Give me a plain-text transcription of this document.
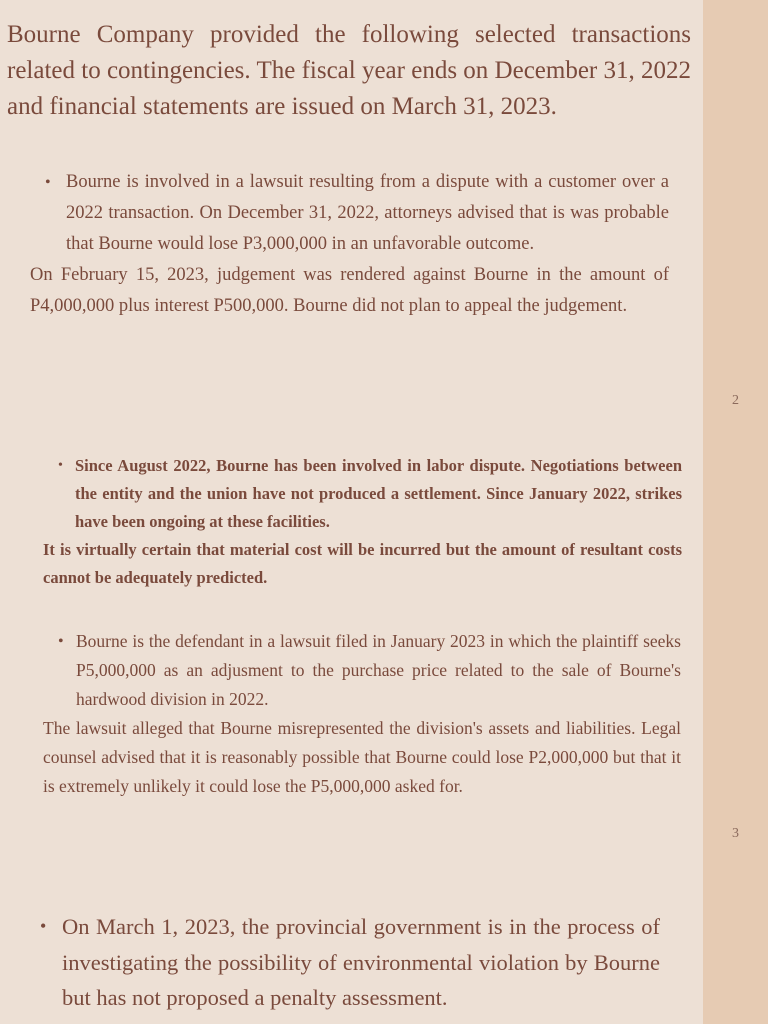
2
3
Bourne Company provided the following selected transactions related to contingencies. The fiscal year ends on December 31, 2022 and financial statements are issued on March 31, 2023.
• Bourne is involved in a lawsuit resulting from a dispute with a customer over a 2022 transaction. On December 31, 2022, attorneys advised that is was probable that Bourne would lose P3,000,000 in an unfavorable outcome.
On February 15, 2023, judgement was rendered against Bourne in the amount of P4,000,000 plus interest P500,000. Bourne did not plan to appeal the judgement.
• Since August 2022, Bourne has been involved in labor dispute. Negotiations between the entity and the union have not produced a settlement. Since January 2022, strikes have been ongoing at these facilities.
It is virtually certain that material cost will be incurred but the amount of resultant costs cannot be adequately predicted.
• Bourne is the defendant in a lawsuit filed in January 2023 in which the plaintiff seeks P5,000,000 as an adjusment to the purchase price related to the sale of Bourne's hardwood division in 2022.
The lawsuit alleged that Bourne misrepresented the division's assets and liabilities. Legal counsel advised that it is reasonably possible that Bourne could lose P2,000,000 but that it is extremely unlikely it could lose the P5,000,000 asked for.
• On March 1, 2023, the provincial government is in the process of investigating the possibility of environmental violation by Bourne but has not proposed a penalty assessment.
